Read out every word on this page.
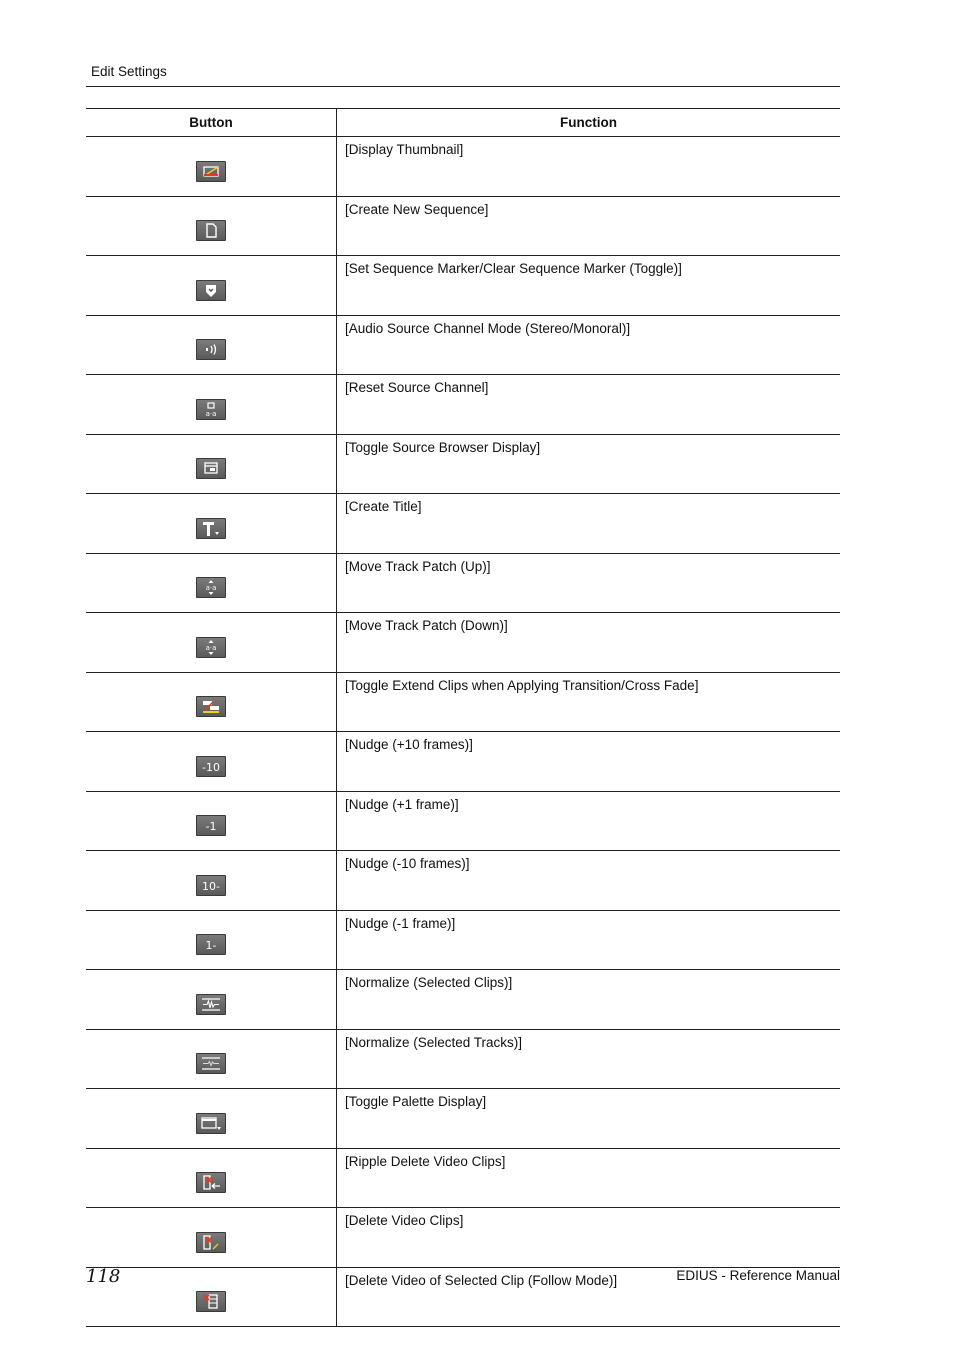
Edit Settings
Button	Function

	[Display Thumbnail]

	[Create New Sequence]

	[Set Sequence Marker/Clear Sequence Marker (Toggle)]

	[Audio Source Channel Mode (Stereo/Monoral)]

a·a	[Reset Source Channel]

	[Toggle Source Browser Display]

	[Create Title]

a·a	[Move Track Patch (Up)]

a·a	[Move Track Patch (Down)]

	[Toggle Extend Clips when Applying Transition/Cross Fade]

-10	[Nudge (+10 frames)]

-1	[Nudge (+1 frame)]

10-	[Nudge (-10 frames)]

1-	[Nudge (-1 frame)]

	[Normalize (Selected Clips)]

	[Normalize (Selected Tracks)]

	[Toggle Palette Display]

	[Ripple Delete Video Clips]

	[Delete Video Clips]

	[Delete Video of Selected Clip (Follow Mode)]
118	EDIUS - Reference Manual
